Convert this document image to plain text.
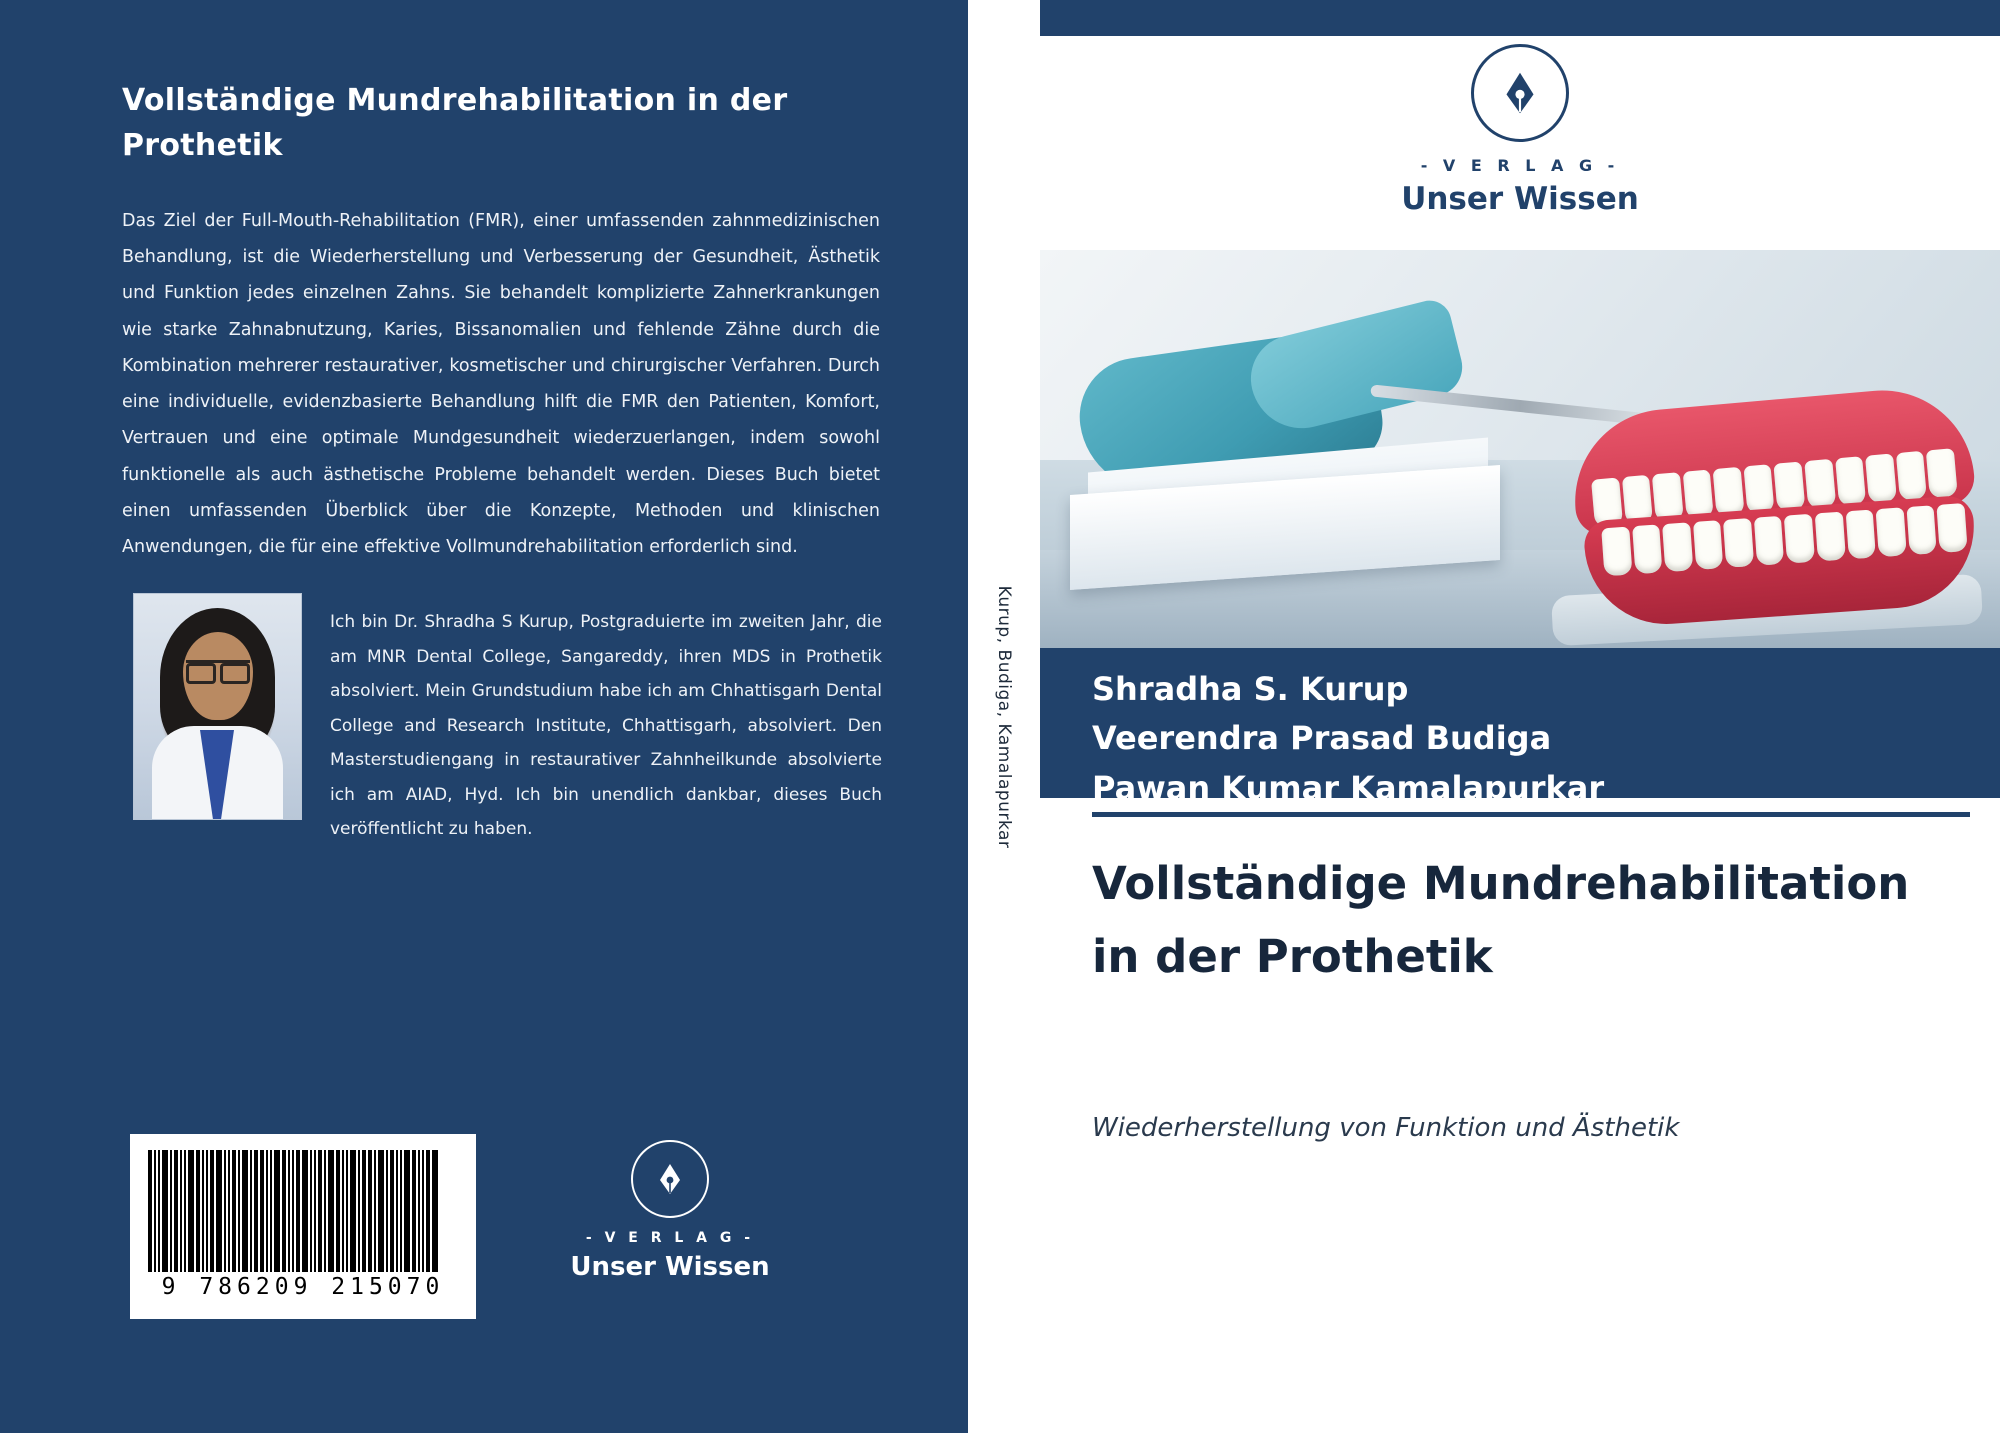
Vollständige Mundrehabilitation in der Prothetik
Das Ziel der Full-Mouth-Rehabilitation (FMR), einer umfassenden zahnmedizinischen Behandlung, ist die Wiederherstellung und Verbesserung der Gesundheit, Ästhetik und Funktion jedes einzelnen Zahns. Sie behandelt komplizierte Zahnerkrankungen wie starke Zahnabnutzung, Karies, Bissanomalien und fehlende Zähne durch die Kombination mehrerer restaurativer, kosmetischer und chirurgischer Verfahren. Durch eine individuelle, evidenzbasierte Behandlung hilft die FMR den Patienten, Komfort, Vertrauen und eine optimale Mundgesundheit wiederzuerlangen, indem sowohl funktionelle als auch ästhetische Probleme behandelt werden. Dieses Buch bietet einen umfassenden Überblick über die Konzepte, Methoden und klinischen Anwendungen, die für eine effektive Vollmundrehabilitation erforderlich sind.
Ich bin Dr. Shradha S Kurup, Postgraduierte im zweiten Jahr, die am MNR Dental College, Sangareddy, ihren MDS in Prothetik absolviert. Mein Grundstudium habe ich am Chhattisgarh Dental College and Research Institute, Chhattisgarh, absolviert. Den Masterstudiengang in restaurativer Zahnheilkunde absolvierte ich am AIAD, Hyd. Ich bin unendlich dankbar, dieses Buch veröffentlicht zu haben.
9 786209 215070
- V E R L A G -
Unser Wissen
Kurup, Budiga, Kamalapurkar
- V E R L A G -
Unser Wissen
Shradha S. Kurup
Veerendra Prasad Budiga
Pawan Kumar Kamalapurkar
Vollständige Mundrehabilitation in der Prothetik
Wiederherstellung von Funktion und Ästhetik
